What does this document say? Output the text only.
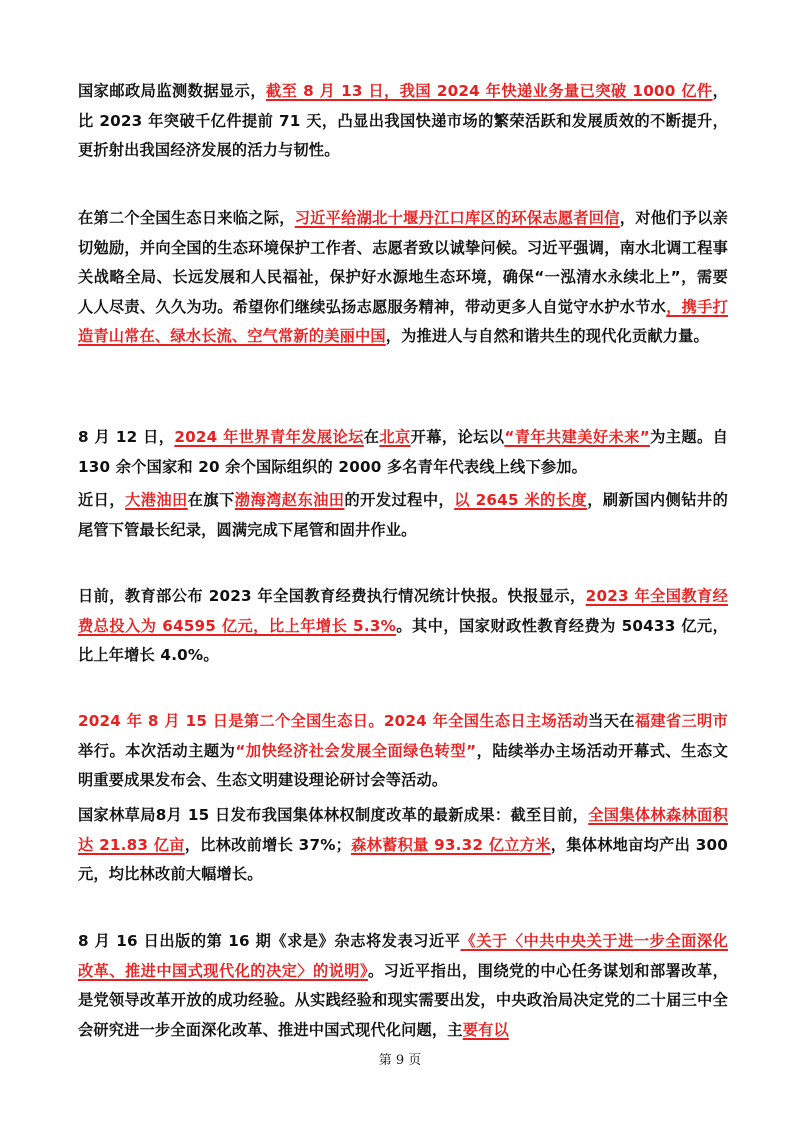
国家邮政局监测数据显示，截至 8 月 13 日，我国 2024 年快递业务量已突破 1000 亿件，比 2023 年突破千亿件提前 71 天，凸显出我国快递市场的繁荣活跃和发展质效的不断提升，更折射出我国经济发展的活力与韧性。
在第二个全国生态日来临之际，习近平给湖北十堰丹江口库区的环保志愿者回信，对他们予以亲切勉励，并向全国的生态环境保护工作者、志愿者致以诚挚问候。习近平强调，南水北调工程事关战略全局、长远发展和人民福祉，保护好水源地生态环境，确保“一泓清水永续北上”，需要人人尽责、久久为功。希望你们继续弘扬志愿服务精神，带动更多人自觉守水护水节水，携手打造青山常在、绿水长流、空气常新的美丽中国，为推进人与自然和谐共生的现代化贡献力量。
8 月 12 日，2024 年世界青年发展论坛在北京开幕，论坛以“青年共建美好未来”为主题。自 130 余个国家和 20 余个国际组织的 2000 多名青年代表线上线下参加。
近日，大港油田在旗下渤海湾赵东油田的开发过程中，以 2645 米的长度，刷新国内侧钻井的尾管下管最长纪录，圆满完成下尾管和固井作业。
日前，教育部公布 2023 年全国教育经费执行情况统计快报。快报显示，2023 年全国教育经费总投入为 64595 亿元，比上年增长 5.3%。其中，国家财政性教育经费为 50433 亿元，比上年增长 4.0%。
2024 年 8 月 15 日是第二个全国生态日。2024 年全国生态日主场活动当天在福建省三明市举行。本次活动主题为“加快经济社会发展全面绿色转型”，陆续举办主场活动开幕式、生态文明重要成果发布会、生态文明建设理论研讨会等活动。
国家林草局8月 15 日发布我国集体林权制度改革的最新成果：截至目前，全国集体林森林面积达 21.83 亿亩，比林改前增长 37%；森林蓄积量 93.32 亿立方米，集体林地亩均产出 300 元，均比林改前大幅增长。
8 月 16 日出版的第 16 期《求是》杂志将发表习近平《关于〈中共中央关于进一步全面深化改革、推进中国式现代化的决定〉的说明》。习近平指出，围绕党的中心任务谋划和部署改革，是党领导改革开放的成功经验。从实践经验和现实需要出发，中央政治局决定党的二十届三中全会研究进一步全面深化改革、推进中国式现代化问题，主要有以
第 9 页
